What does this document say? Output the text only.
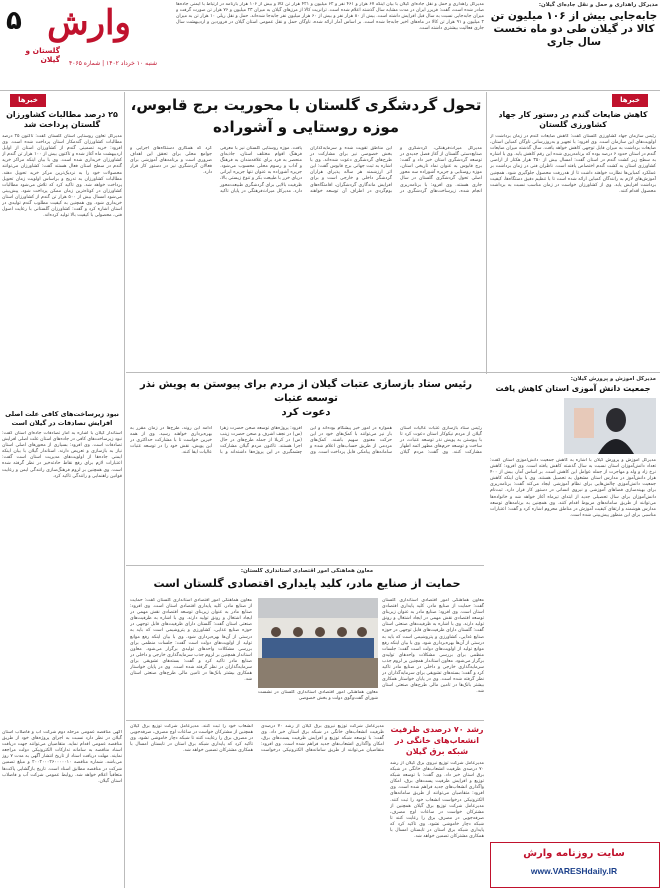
۵ وارش
گلستان و گیلان	شنبه ۱۰ خرداد ۱۴۰۲ | شماره ۴۰۶۵
مدیرکل راهداری و حمل و نقل جاده‌ای گیلان:
جابه‌جایی بیش از ۱۰۶ میلیون تن کالا در گیلان طی دو ماه نخست سال جاری
مدیرکل راهداری و حمل و نقل جاده‌ای گیلان با بیان اینکه ۶۷ هزار و ۴۶۱ نفر و ۶۲ میلیون و ۴۲۱ هزار تن کالا و بیش از ۱۰۶ هزار بارنامه در ارتباط با ایمنی جاده‌ها صادر شده است، گفت: فریزر ایران در مدت مشابه سال گذشته اعلام شده است. ترانزیت کالا از مرزهای گیلان به میزان ۲۳ میلیون و ۷۶ هزار تن صورت گرفت و میزان جابه‌جایی نسبت به سال قبل افزایش داشته است. بیش از ۸۰ هزار نفر و بیش از ۶۰ هزار میلیون نفر جابه‌جا شده‌اند. حمل و نقل ریلی ۱۰ هزار تن به میزان ۲ میلیون و ۹۱ هزار تن کالا در ماه‌های اخیر جابه‌جا شده است. بر اساس آمار ارائه شده، ناوگان حمل و نقل عمومی استان گیلان در فروردین و اردیبهشت سال جاری فعالیت بیشتری داشته است.
خبرها
۲۵ درصد مطالبات کشاورزان گلستان پرداخت شد
مدیرکل تعاون روستایی استان گلستان گفت: تاکنون ۲۵ درصد مطالبات کشاورزان گندمکار استان پرداخت شده است. وی افزود: خرید تضمینی گندم از کشاورزان استان از اوایل اردیبهشت ماه آغاز شده و تاکنون بیش از ۱۰۰ هزار تن گندم از کشاورزان خریداری شده است. وی با بیان اینکه مراکز خرید گندم در سطح استان فعال هستند گفت: کشاورزان می‌توانند محصولات خود را به نزدیک‌ترین مرکز خرید تحویل دهند. مطالبات کشاورزان به تدریج و براساس اولویت زمان تحویل پرداخت خواهد شد. وی تاکید کرد که تلاش می‌شود مطالبات کشاورزان در کوتاه‌ترین زمان ممکن پرداخت شود. پیش‌بینی می‌شود امسال بیش از ۵۰۰ هزار تن گندم از کشاورزان استان خریداری شود. وی همچنین به کیفیت مطلوب گندم تولیدی در استان اشاره کرد و گفت: کشاورزان گلستانی با رعایت اصول فنی، محصولی با کیفیت بالا تولید کرده‌اند.
نبود زیرساخت‌های کافی علت اصلی افزایش تصادفات در گیلان است
استاندار گیلان با اشاره به آمار تصادفات جاده‌ای استان گفت: نبود زیرساخت‌های کافی در جاده‌های استان علت اصلی افزایش تصادفات است. وی افزود: بسیاری از محورهای اصلی استان نیاز به بازسازی و تعریض دارند. استاندار گیلان با بیان اینکه ایمنی جاده‌ها از اولویت‌های مدیریت استان است گفت: اعتبارات لازم برای رفع نقاط حادثه‌خیز در نظر گرفته شده است. وی همچنین بر لزوم فرهنگ‌سازی رانندگی ایمن و رعایت قوانین راهنمایی و رانندگی تاکید کرد.
آگهی مناقصه عمومی مرحله دوم شرکت آب و فاضلاب استان گیلان در نظر دارد نسبت به اجرای پروژه‌های خود از طریق مناقصه عمومی اقدام نماید. متقاضیان می‌توانند جهت دریافت اسناد مناقصه به سامانه تدارکات الکترونیکی دولت مراجعه نمایند. مهلت دریافت اسناد از تاریخ انتشار آگهی به مدت ۷ روز می‌باشد. شماره مناقصه ۲۰۰۲۰۰۰۲۶۰۰۰۰۰۱۰ و مبلغ تضمین شرکت در مناقصه مطابق اسناد است. تاریخ بازگشایی پاکت‌ها متعاقباً اعلام خواهد شد. روابط عمومی شرکت آب و فاضلاب استان گیلان.
تحول گردشگری گلستان با محوریت برج قابوس،
موزه روستایی و آشوراده
مدیرکل میراث‌فرهنگی، گردشگری و صنایع‌دستی گلستان از آغاز فصل جدیدی در توسعه گردشگری استان خبر داد و گفت: برج قابوس به عنوان نماد تاریخی استان، موزه روستایی و جزیره آشوراده سه محور اصلی تحول گردشگری گلستان در سال جاری هستند. وی افزود: با برنامه‌ریزی انجام شده، زیرساخت‌های گردشگری در این مناطق تقویت شده و سرمایه‌گذاران بخش خصوصی نیز برای مشارکت در طرح‌های گردشگری دعوت شده‌اند. وی با اشاره به ثبت جهانی برج قابوس گفت: این اثر ارزشمند هر ساله پذیرای هزاران گردشگر داخلی و خارجی است و برای افزایش ماندگاری گردشگران، اقامتگاه‌های بوم‌گردی در اطراف آن توسعه خواهند یافت. موزه روستایی گلستان نیز با معرفی فرهنگ اقوام مختلف استان، جاذبه‌ای منحصر به فرد برای علاقه‌مندان به فرهنگ و آداب و رسوم محلی محسوب می‌شود. جزیره آشوراده به عنوان تنها جزیره ایرانی دریای خزر با طبیعت بکر و تنوع زیستی بالا، ظرفیت بالایی برای گردشگری طبیعت‌محور دارد. مدیرکل میراث‌فرهنگی در پایان تاکید کرد که همکاری دستگاه‌های اجرایی و جوامع محلی برای تحقق این اهداف ضروری است و برنامه‌های آموزشی برای فعالان گردشگری نیز در دستور کار قرار دارد.
خبرها
کاهش ضایعات گندم در دستور کار جهاد کشاورزی گلستان
رئیس سازمان جهاد کشاورزی گلستان گفت: کاهش ضایعات گندم در زمان برداشت از اولویت‌های این سازمان است. وی افزود: با تجهیز و به‌روزرسانی ناوگان کمباین استان، ضایعات برداشت به میزان قابل توجهی کاهش خواهد یافت. سال گذشته میزان ضایعات گندم در استان حدود ۶ درصد بوده که برنامه‌ریزی شده این رقم کاهش یابد. وی با اشاره به سطح زیر کشت گندم در استان گفت: امسال بیش از ۳۵۰ هزار هکتار از اراضی کشاورزی استان به کشت گندم اختصاص یافته است. ناظران فنی در زمان برداشت بر عملکرد کمباین‌ها نظارت خواهند داشت تا از هدررفت محصول جلوگیری شود. همچنین آموزش‌های لازم به رانندگان کمباین ارائه شده است تا با تنظیم دقیق دستگاه‌ها، کیفیت برداشت افزایش یابد. وی از کشاورزان خواست در زمان مناسب نسبت به برداشت محصول اقدام کنند.
مدیرکل آموزش و پرورش گیلان:
جمعیت دانش آموزی استان کاهش یافت
مدیرکل آموزش و پرورش گیلان با اشاره به کاهش جمعیت دانش‌آموزی استان گفت: تعداد دانش‌آموزان استان نسبت به سال گذشته کاهش یافته است. وی افزود: کاهش نرخ زاد و ولد و مهاجرت از جمله عوامل این کاهش است. بر اساس آمار، بیش از ۴۰۰ هزار دانش‌آموز در مدارس استان مشغول به تحصیل هستند. وی با بیان اینکه کاهش جمعیت دانش‌آموزی چالش‌هایی برای نظام آموزشی ایجاد می‌کند گفت: برنامه‌ریزی برای بهینه‌سازی فضاهای آموزشی و نیروی انسانی در دستور کار قرار دارد. ثبت‌نام دانش‌آموزان برای سال تحصیلی جدید از ابتدای تیرماه آغاز خواهد شد و خانواده‌ها می‌توانند از طریق سامانه‌های مربوط اقدام کنند. وی همچنین به برنامه‌های توسعه مدارس هوشمند و ارتقای کیفیت آموزش در مناطق محروم اشاره کرد و گفت: اعتبارات مناسبی برای این منظور پیش‌بینی شده است.
رئیس ستاد بازسازی عتبات گیلان از مردم برای پیوستن به پویش نذر توسعه عتبات
دعوت کرد
رئیس ستاد بازسازی عتبات عالیات استان گیلان از مردم نیکوکار استان دعوت کرد تا با پیوستن به پویش نذر توسعه عتبات، در ساخت و توسعه حرم‌های مطهر ائمه اطهار مشارکت کنند. وی گفت: مردم گیلان همواره در امور خیر پیشگام بوده‌اند و این بار نیز می‌توانند با کمک‌های خود در این حرکت معنوی سهیم باشند. کمک‌های مردمی از طریق حساب‌های اعلام شده و سامانه‌های پیامکی قابل پرداخت است. وی افزود: پروژه‌های توسعه صحن حضرت زهرا (س) در نجف اشرف و صحن حضرت زینب (س) در کربلا از جمله طرح‌های در حال اجرا هستند. تاکنون مردم گیلان مشارکت چشمگیری در این پروژه‌ها داشته‌اند و با ادامه این روند، طرح‌ها در زمان مقرر به بهره‌برداری خواهند رسید. وی از همه خیرین خواست تا با مشارکت حداکثری در این پویش، نقش خود را در توسعه عتبات عالیات ایفا کنند.
معاون هماهنگی امور اقتصادی استانداری گلستان:
حمایت از صنایع مادر، کلید پایداری اقتصادی گلستان است
معاون هماهنگی امور اقتصادی استانداری گلستان در نشست شورای گفت‌وگوی دولت و بخش خصوصی
معاون هماهنگی امور اقتصادی استانداری گلستان گفت: حمایت از صنایع مادر، کلید پایداری اقتصادی استان است. وی افزود: صنایع مادر به عنوان زیربنای توسعه اقتصادی نقش مهمی در ایجاد اشتغال و رونق تولید دارند. وی با اشاره به ظرفیت‌های صنعتی استان گفت: گلستان دارای ظرفیت‌های قابل توجهی در حوزه صنایع غذایی، کشاورزی و پتروشیمی است که باید به درستی از آن‌ها بهره‌برداری شود. وی با بیان اینکه رفع موانع تولید از اولویت‌های دولت است گفت: جلسات منظمی برای بررسی مشکلات واحدهای تولیدی برگزار می‌شود. معاون استاندار همچنین بر لزوم جذب سرمایه‌گذاری خارجی و داخلی در صنایع مادر تاکید کرد و گفت: بسته‌های تشویقی برای سرمایه‌گذاران در نظر گرفته شده است. وی در پایان خواستار همکاری بیشتر بانک‌ها در تامین مالی طرح‌های صنعتی استان شد.
معاون هماهنگی امور اقتصادی استانداری گلستان گفت: حمایت از صنایع مادر، کلید پایداری اقتصادی استان است. وی افزود: صنایع مادر به عنوان زیربنای توسعه اقتصادی نقش مهمی در ایجاد اشتغال و رونق تولید دارند. وی با اشاره به ظرفیت‌های صنعتی استان گفت: گلستان دارای ظرفیت‌های قابل توجهی در حوزه صنایع غذایی، کشاورزی و پتروشیمی است که باید به درستی از آن‌ها بهره‌برداری شود. وی با بیان اینکه رفع موانع تولید از اولویت‌های دولت است گفت: جلسات منظمی برای بررسی مشکلات واحدهای تولیدی برگزار می‌شود. معاون استاندار همچنین بر لزوم جذب سرمایه‌گذاری خارجی و داخلی در صنایع مادر تاکید کرد و گفت: بسته‌های تشویقی برای سرمایه‌گذاران در نظر گرفته شده است. وی در پایان خواستار همکاری بیشتر بانک‌ها در تامین مالی طرح‌های صنعتی استان شد.
رشد ۷۰ درصدی ظرفیت انشعاب‌های خانگی در شبکه برق گیلان
مدیرعامل شرکت توزیع نیروی برق گیلان از رشد ۷۰ درصدی ظرفیت انشعاب‌های خانگی در شبکه برق استان خبر داد. وی گفت: با توسعه شبکه توزیع و افزایش ظرفیت پست‌های برق، امکان واگذاری انشعاب‌های جدید فراهم شده است. وی افزود: متقاضیان می‌توانند از طریق سامانه‌های الکترونیکی درخواست انشعاب خود را ثبت کنند. مدیرعامل شرکت توزیع برق گیلان همچنین از مشترکان خواست در ساعات اوج مصرف، صرفه‌جویی در مصرف برق را رعایت کنند تا شبکه دچار خاموشی نشود. وی تاکید کرد که پایداری شبکه برق استان در تابستان امسال با همکاری مشترکان تضمین خواهد شد.
مدیرعامل شرکت توزیع نیروی برق گیلان از رشد ۷۰ درصدی ظرفیت انشعاب‌های خانگی در شبکه برق استان خبر داد. وی گفت: با توسعه شبکه توزیع و افزایش ظرفیت پست‌های برق، امکان واگذاری انشعاب‌های جدید فراهم شده است. وی افزود: متقاضیان می‌توانند از طریق سامانه‌های الکترونیکی درخواست انشعاب خود را ثبت کنند. مدیرعامل شرکت توزیع برق گیلان همچنین از مشترکان خواست در ساعات اوج مصرف، صرفه‌جویی در مصرف برق را رعایت کنند تا شبکه دچار خاموشی نشود. وی تاکید کرد که پایداری شبکه برق استان در تابستان امسال با همکاری مشترکان تضمین خواهد شد.
سایت روزنامه وارش
www.VARESHdaily.IR
